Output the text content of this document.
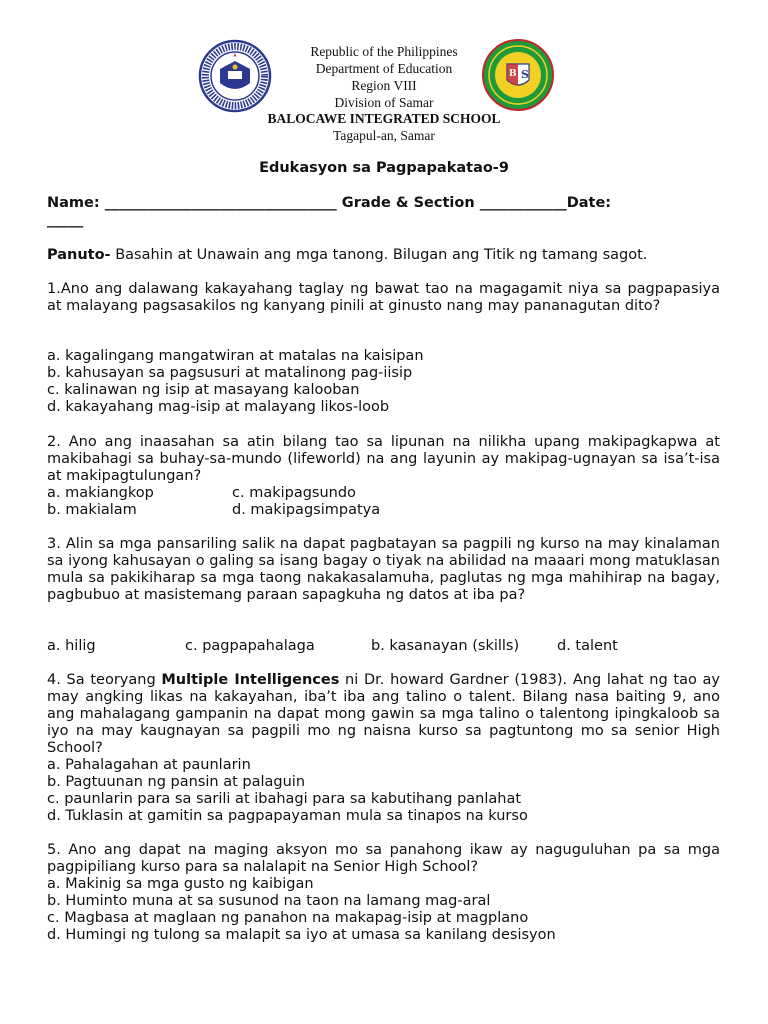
S
B
Republic of the Philippines
Department of Education
Region VIII
Division of Samar
BALOCAWE INTEGRATED SCHOOL
Tagapul-an, Samar
Edukasyon sa Pagpapakatao-9
Name: ________________________________ Grade & Section ____________Date:
_____

Panuto- Basahin at Unawain ang mga tanong. Bilugan ang Titik ng tamang sagot.

1.Ano ang dalawang kakayahang taglay ng bawat tao na magagamit niya sa pagpapasiya at malayang pagsasakilos ng kanyang pinili at ginusto nang may pananagutan dito?

a. kagalingang mangatwiran at matalas na kaisipan
b. kahusayan sa pagsusuri at matalinong pag-iisip
c. kalinawan ng isip at masayang kalooban
d. kakayahang mag-isip at malayang likos-loob

2. Ano ang inaasahan sa atin bilang tao sa lipunan na nilikha upang makipagkapwa at makibahagi sa buhay-sa-mundo (lifeworld) na ang layunin ay makipag-ugnayan sa isa’t-isa at makipagtulungan?

a. makiangkop	c. makipagsundo
b. makialam	d. makipagsimpatya

3. Alin sa mga pansariling salik na dapat pagbatayan sa pagpili ng kurso na may kinalaman sa iyong kahusayan o galing sa isang bagay o tiyak na abilidad na maaari mong matuklasan mula sa pakikiharap sa mga taong nakakasalamuha, paglutas ng mga mahihirap na bagay, pagbubuo at masistemang paraan sapagkuha ng datos at iba pa?

a. hilig	c. pagpapahalaga	b. kasanayan (skills)	d. talent

4. Sa teoryang Multiple Intelligences ni Dr. howard Gardner (1983). Ang lahat ng tao ay may angking likas na kakayahan, iba’t iba ang talino o talent. Bilang nasa baiting 9, ano ang mahalagang gampanin na dapat mong gawin sa mga talino o talentong ipingkaloob sa iyo na may kaugnayan sa pagpili mo ng naisna kurso sa pagtuntong mo sa senior High School?

a. Pahalagahan at paunlarin
b. Pagtuunan ng pansin at palaguin
c. paunlarin para sa sarili at ibahagi para sa kabutihang panlahat
d. Tuklasin at gamitin sa pagpapayaman mula sa tinapos na kurso

5. Ano ang dapat na maging aksyon mo sa panahong ikaw ay naguguluhan pa sa mga pagpipiliang kurso para sa nalalapit na Senior High School?

a. Makinig sa mga gusto ng kaibigan
b. Huminto muna at sa susunod na taon na lamang mag-aral
c. Magbasa at maglaan ng panahon na makapag-isip at magplano
d. Humingi ng tulong sa malapit sa iyo at umasa sa kanilang desisyon
